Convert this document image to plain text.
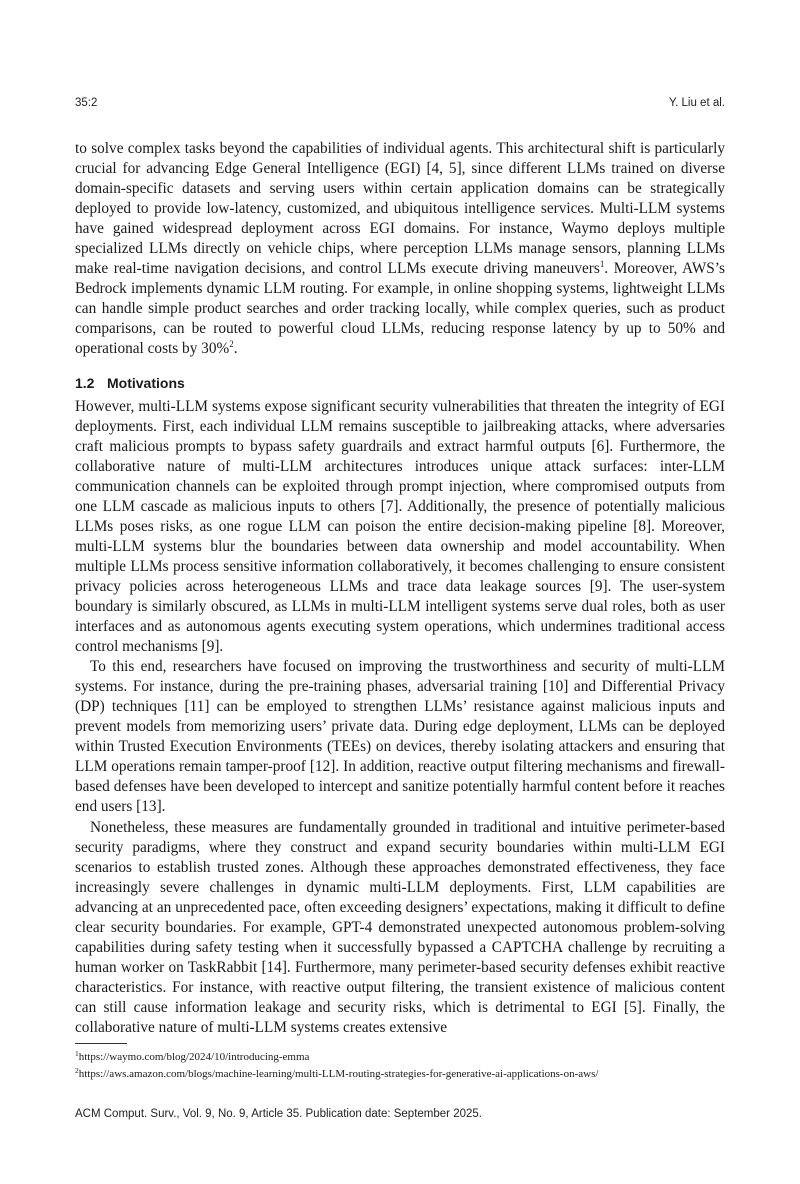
35:2	Y. Liu et al.

to solve complex tasks beyond the capabilities of individual agents. This architectural shift is particularly crucial for advancing Edge General Intelligence (EGI) [4, 5], since different LLMs trained on diverse domain-specific datasets and serving users within certain application domains can be strategically deployed to provide low-latency, customized, and ubiquitous intelligence services. Multi-LLM systems have gained widespread deployment across EGI domains. For instance, Waymo deploys multiple specialized LLMs directly on vehicle chips, where perception LLMs manage sensors, planning LLMs make real-time navigation decisions, and control LLMs execute driving maneuvers$^1$. Moreover, AWS’s Bedrock implements dynamic LLM routing. For example, in online shopping systems, lightweight LLMs can handle simple product searches and order tracking locally, while complex queries, such as product comparisons, can be routed to powerful cloud LLMs, reducing response latency by up to 50% and operational costs by 30%$^2$.

1.2 Motivations

However, multi-LLM systems expose significant security vulnerabilities that threaten the integrity of EGI deployments. First, each individual LLM remains susceptible to jailbreaking attacks, where adversaries craft malicious prompts to bypass safety guardrails and extract harmful outputs [6]. Furthermore, the collaborative nature of multi-LLM architectures introduces unique attack surfaces: inter-LLM communication channels can be exploited through prompt injection, where compromised outputs from one LLM cascade as malicious inputs to others [7]. Additionally, the presence of potentially malicious LLMs poses risks, as one rogue LLM can poison the entire decision-making pipeline [8]. Moreover, multi-LLM systems blur the boundaries between data ownership and model accountability. When multiple LLMs process sensitive information collaboratively, it becomes challenging to ensure consistent privacy policies across heterogeneous LLMs and trace data leakage sources [9]. The user-system boundary is similarly obscured, as LLMs in multi-LLM intelligent systems serve dual roles, both as user interfaces and as autonomous agents executing system operations, which undermines traditional access control mechanisms [9].

To this end, researchers have focused on improving the trustworthiness and security of multi-LLM systems. For instance, during the pre-training phases, adversarial training [10] and Differential Privacy (DP) techniques [11] can be employed to strengthen LLMs’ resistance against malicious inputs and prevent models from memorizing users’ private data. During edge deployment, LLMs can be deployed within Trusted Execution Environments (TEEs) on devices, thereby isolating attackers and ensuring that LLM operations remain tamper-proof [12]. In addition, reactive output filtering mechanisms and firewall-based defenses have been developed to intercept and sanitize potentially harmful content before it reaches end users [13].

Nonetheless, these measures are fundamentally grounded in traditional and intuitive perimeter-based security paradigms, where they construct and expand security boundaries within multi-LLM EGI scenarios to establish trusted zones. Although these approaches demonstrated effectiveness, they face increasingly severe challenges in dynamic multi-LLM deployments. First, LLM capabilities are advancing at an unprecedented pace, often exceeding designers’ expectations, making it difficult to define clear security boundaries. For example, GPT-4 demonstrated unexpected autonomous problem-solving capabilities during safety testing when it successfully bypassed a CAPTCHA challenge by recruiting a human worker on TaskRabbit [14]. Furthermore, many perimeter-based security defenses exhibit reactive characteristics. For instance, with reactive output filtering, the transient existence of malicious content can still cause information leakage and security risks, which is detrimental to EGI [5]. Finally, the collaborative nature of multi-LLM systems creates extensive

$^1$https://waymo.com/blog/2024/10/introducing-emma
$^2$https://aws.amazon.com/blogs/machine-learning/multi-LLM-routing-strategies-for-generative-ai-applications-on-aws/
ACM Comput. Surv., Vol. 9, No. 9, Article 35. Publication date: September 2025.
